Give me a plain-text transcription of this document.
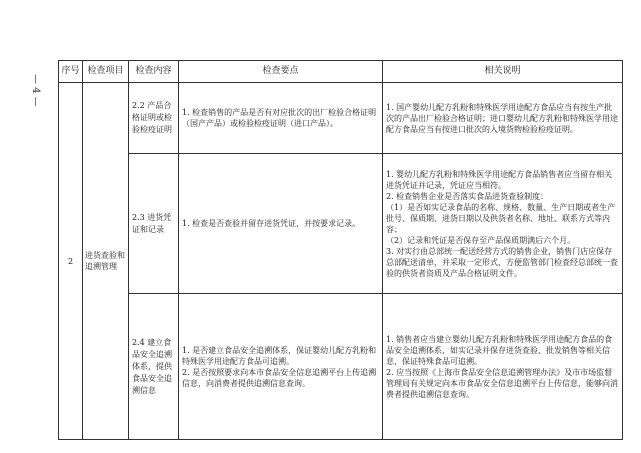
— 4 —
序号	检查项目	检查内容	检查要点	相关说明
2	进货查验和追溯管理	2.2 产品合格证明或检验检疫证明	1. 检查销售的产品是否有对应批次的出厂检验合格证明（国产产品）或检验检疫证明（进口产品）。	1. 国产婴幼儿配方乳粉和特殊医学用途配方食品应当有按生产批次的产品出厂检验合格证明；进口婴幼儿配方乳粉和特殊医学用途配方食品应当有按进口批次的入境货物检验检疫证明。

		2.3 进货凭证和记录	1. 检查是否查验并留存进货凭证，并按要求记录。	1. 婴幼儿配方乳粉和特殊医学用途配方食品销售者应当留存相关进货凭证并记录，凭证应当相符。
2. 检查销售企业是否落实食品进货查验制度：
（1）是否如实记录食品的名称、规格、数量、生产日期或者生产批号、保质期、进货日期以及供货者名称、地址、联系方式等内容；
（2）记录和凭证是否保存至产品保质期满后六个月。
3. 对实行由总部统一配送经营方式的销售企业，销售门店应保存总部配送清单，并采取一定形式，方便监管部门检查经总部统一查验的供货者资质及产品合格证明文件。

		2.4 建立食品安全追溯体系，提供食品安全追溯信息	1. 是否建立食品安全追溯体系，保证婴幼儿配方乳粉和特殊医学用途配方食品可追溯。
2. 是否按照要求向本市食品安全信息追溯平台上传追溯信息，向消费者提供追溯信息查询。	1. 销售者应当建立婴幼儿配方乳粉和特殊医学用途配方食品的食品安全追溯体系，如实记录并保存进货查验、批发销售等相关信息，保证特殊食品可追溯。
2. 应当按照《上海市食品安全信息追溯管理办法》及市市场监督管理局有关规定向本市食品安全信息追溯平台上传信息，能够向消费者提供追溯信息查询。
